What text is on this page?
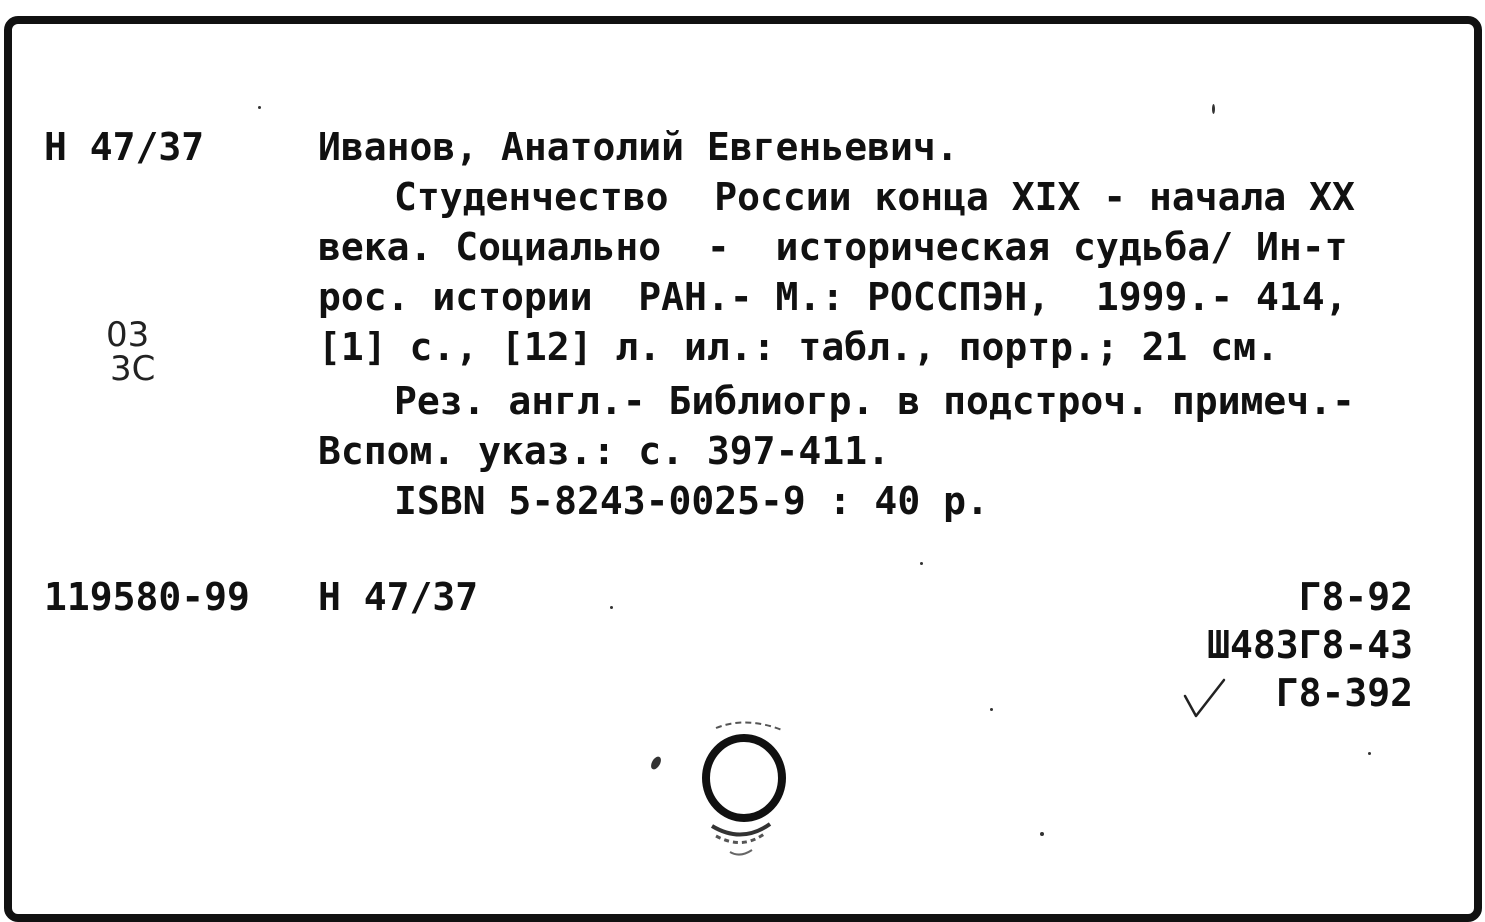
Н 47/37	Иванов, Анатолий Евгеньевич.
Студенчество  России конца XIX - начала XX
века. Социально  -  историческая судьба/ Ин-т
рос. истории  РАН.- М.: РОССПЭН,  1999.- 414,
[1] с., [12] л. ил.: табл., портр.; 21 см.
Рез. англ.- Библиогр. в подстроч. примеч.-
Вспом. указ.: с. 397-411.
ISBN 5-8243-0025-9 : 40 р.
119580-99 Н 47/37	Г8-92
Ш483Г8-43
Г8-392
03
3С
